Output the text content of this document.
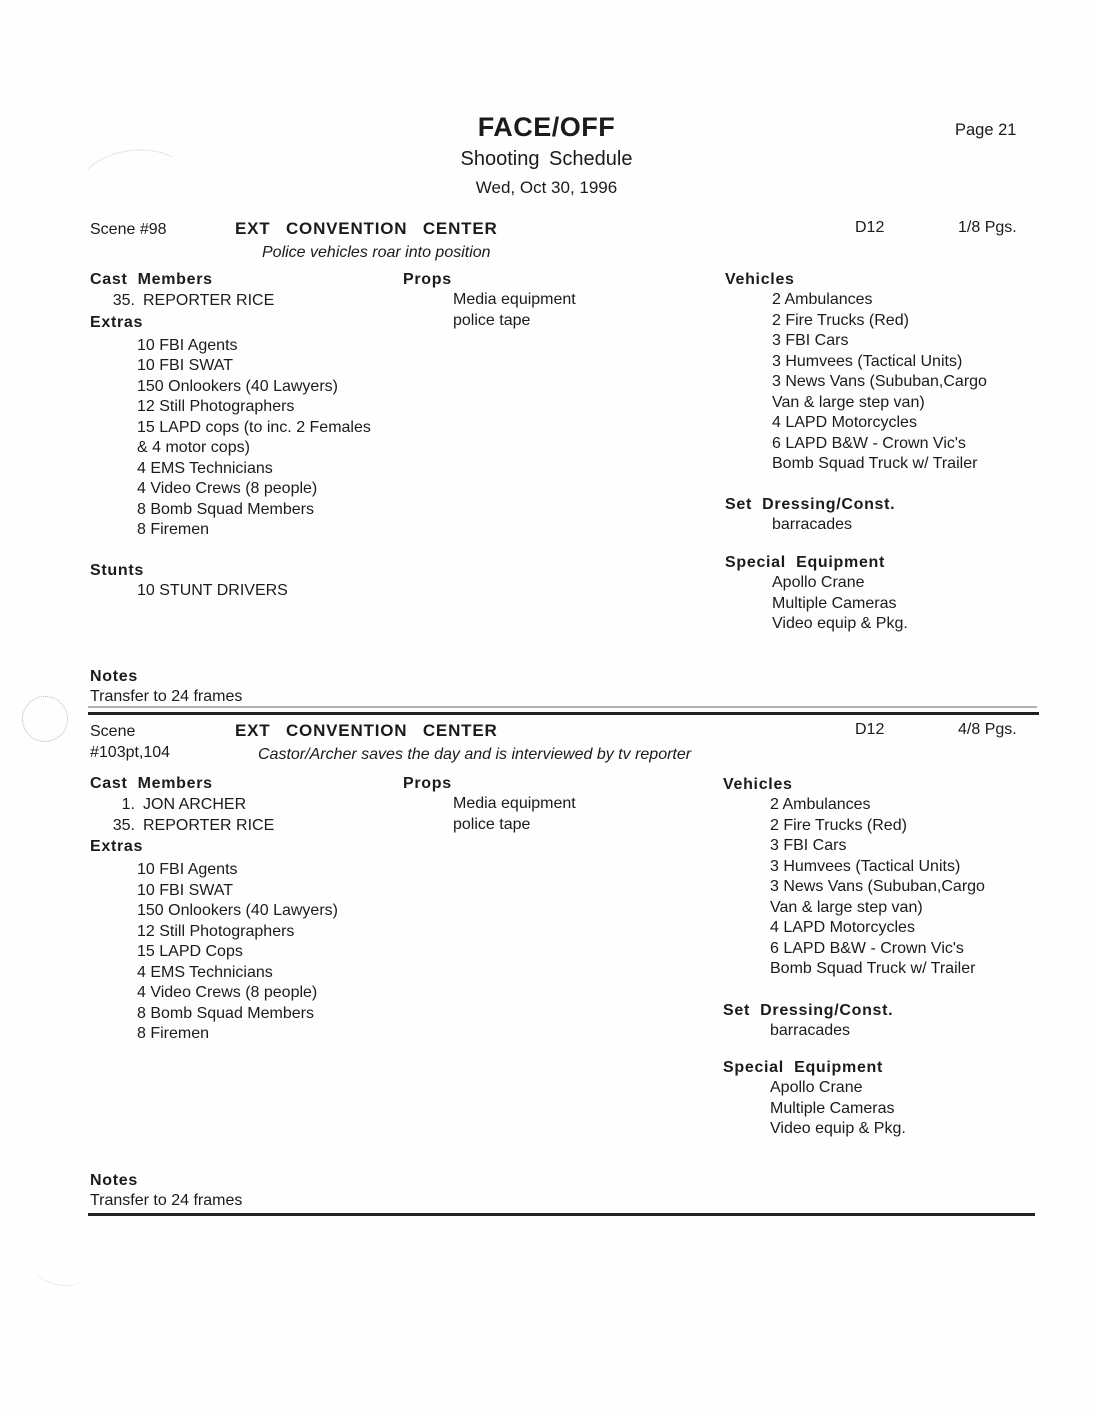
Page 21
FACE/OFF
Shooting Schedule
Wed, Oct 30, 1996
Scene #98	EXT CONVENTION CENTER	D12	1/8 Pgs.
Police vehicles roar into position
Cast Members
35. REPORTER RICE
Extras
10 FBI Agents
10 FBI SWAT
150 Onlookers (40 Lawyers)
12 Still Photographers
15 LAPD cops (to inc. 2 Females
& 4 motor cops)
4 EMS Technicians
4 Video Crews (8 people)
8 Bomb Squad Members
8 Firemen
Stunts
10 STUNT DRIVERS
Props
Media equipment
police tape
Vehicles
2 Ambulances
2 Fire Trucks (Red)
3 FBI Cars
3 Humvees (Tactical Units)
3 News Vans (Sububan,Cargo
Van & large step van)
4 LAPD Motorcycles
6 LAPD B&W - Crown Vic's
Bomb Squad Truck w/ Trailer
Set Dressing/Const.
barracades
Special Equipment
Apollo Crane
Multiple Cameras
Video equip & Pkg.
Notes
Transfer to 24 frames
Scene
#103pt,104
EXT CONVENTION CENTER	D12	4/8 Pgs.
Castor/Archer saves the day and is interviewed by tv reporter
Cast Members
1. JON ARCHER
35. REPORTER RICE
Extras
10 FBI Agents
10 FBI SWAT
150 Onlookers (40 Lawyers)
12 Still Photographers
15 LAPD Cops
4 EMS Technicians
4 Video Crews (8 people)
8 Bomb Squad Members
8 Firemen
Props
Media equipment
police tape
Vehicles
2 Ambulances
2 Fire Trucks (Red)
3 FBI Cars
3 Humvees (Tactical Units)
3 News Vans (Sububan,Cargo
Van & large step van)
4 LAPD Motorcycles
6 LAPD B&W - Crown Vic's
Bomb Squad Truck w/ Trailer
Set Dressing/Const.
barracades
Special Equipment
Apollo Crane
Multiple Cameras
Video equip & Pkg.
Notes
Transfer to 24 frames
